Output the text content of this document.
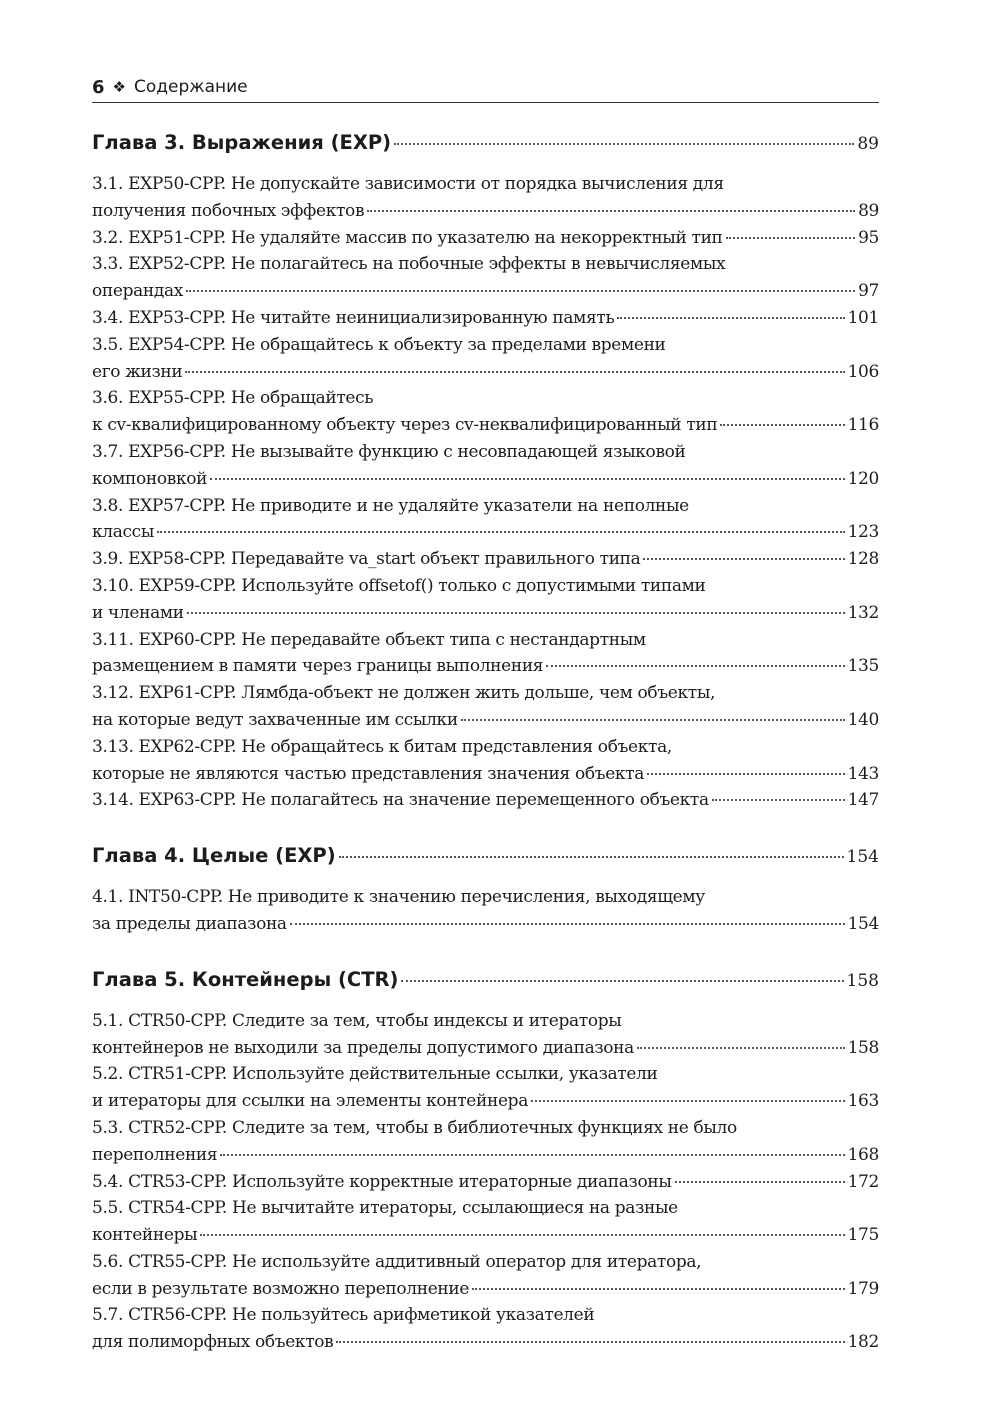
6 ❖ Содержание
Глава 3. Выражения (EXP)	89
3.1. EXP50-CPP. Не допускайте зависимости от порядка вычисления для
получения побочных эффектов	89
3.2. EXP51-CPP. Не удаляйте массив по указателю на некорректный тип	95
3.3. EXP52-CPP. Не полагайтесь на побочные эффекты в невычисляемых
операндах	97
3.4. EXP53-CPP. Не читайте неинициализированную память	101
3.5. EXP54-CPP. Не обращайтесь к объекту за пределами времени
его жизни	106
3.6. EXP55-CPP. Не обращайтесь
к cv-квалифицированному объекту через cv-неквалифицированный тип	116
3.7. EXP56-CPP. Не вызывайте функцию с несовпадающей языковой
компоновкой	120
3.8. EXP57-CPP. Не приводите и не удаляйте указатели на неполные
классы	123
3.9. EXP58-CPP. Передавайте va_start объект правильного типа	128
3.10. EXP59-CPP. Используйте offsetof() только с допустимыми типами
и членами	132
3.11. EXP60-CPP. Не передавайте объект типа с нестандартным
размещением в памяти через границы выполнения	135
3.12. EXP61-CPP. Лямбда-объект не должен жить дольше, чем объекты,
на которые ведут захваченные им ссылки	140
3.13. EXP62-CPP. Не обращайтесь к битам представления объекта,
которые не являются частью представления значения объекта	143
3.14. EXP63-CPP. Не полагайтесь на значение перемещенного объекта	147
Глава 4. Целые (EXP)	154
4.1. INT50-CPP. Не приводите к значению перечисления, выходящему
за пределы диапазона	154
Глава 5. Контейнеры (CTR)	158
5.1. CTR50-CPP. Следите за тем, чтобы индексы и итераторы
контейнеров не выходили за пределы допустимого диапазона	158
5.2. CTR51-CPP. Используйте действительные ссылки, указатели
и итераторы для ссылки на элементы контейнера	163
5.3. CTR52-CPP. Следите за тем, чтобы в библиотечных функциях не было
переполнения	168
5.4. CTR53-CPP. Используйте корректные итераторные диапазоны	172
5.5. CTR54-CPP. Не вычитайте итераторы, ссылающиеся на разные
контейнеры	175
5.6. CTR55-CPP. Не используйте аддитивный оператор для итератора,
если в результате возможно переполнение	179
5.7. CTR56-CPP. Не пользуйтесь арифметикой указателей
для полиморфных объектов	182
